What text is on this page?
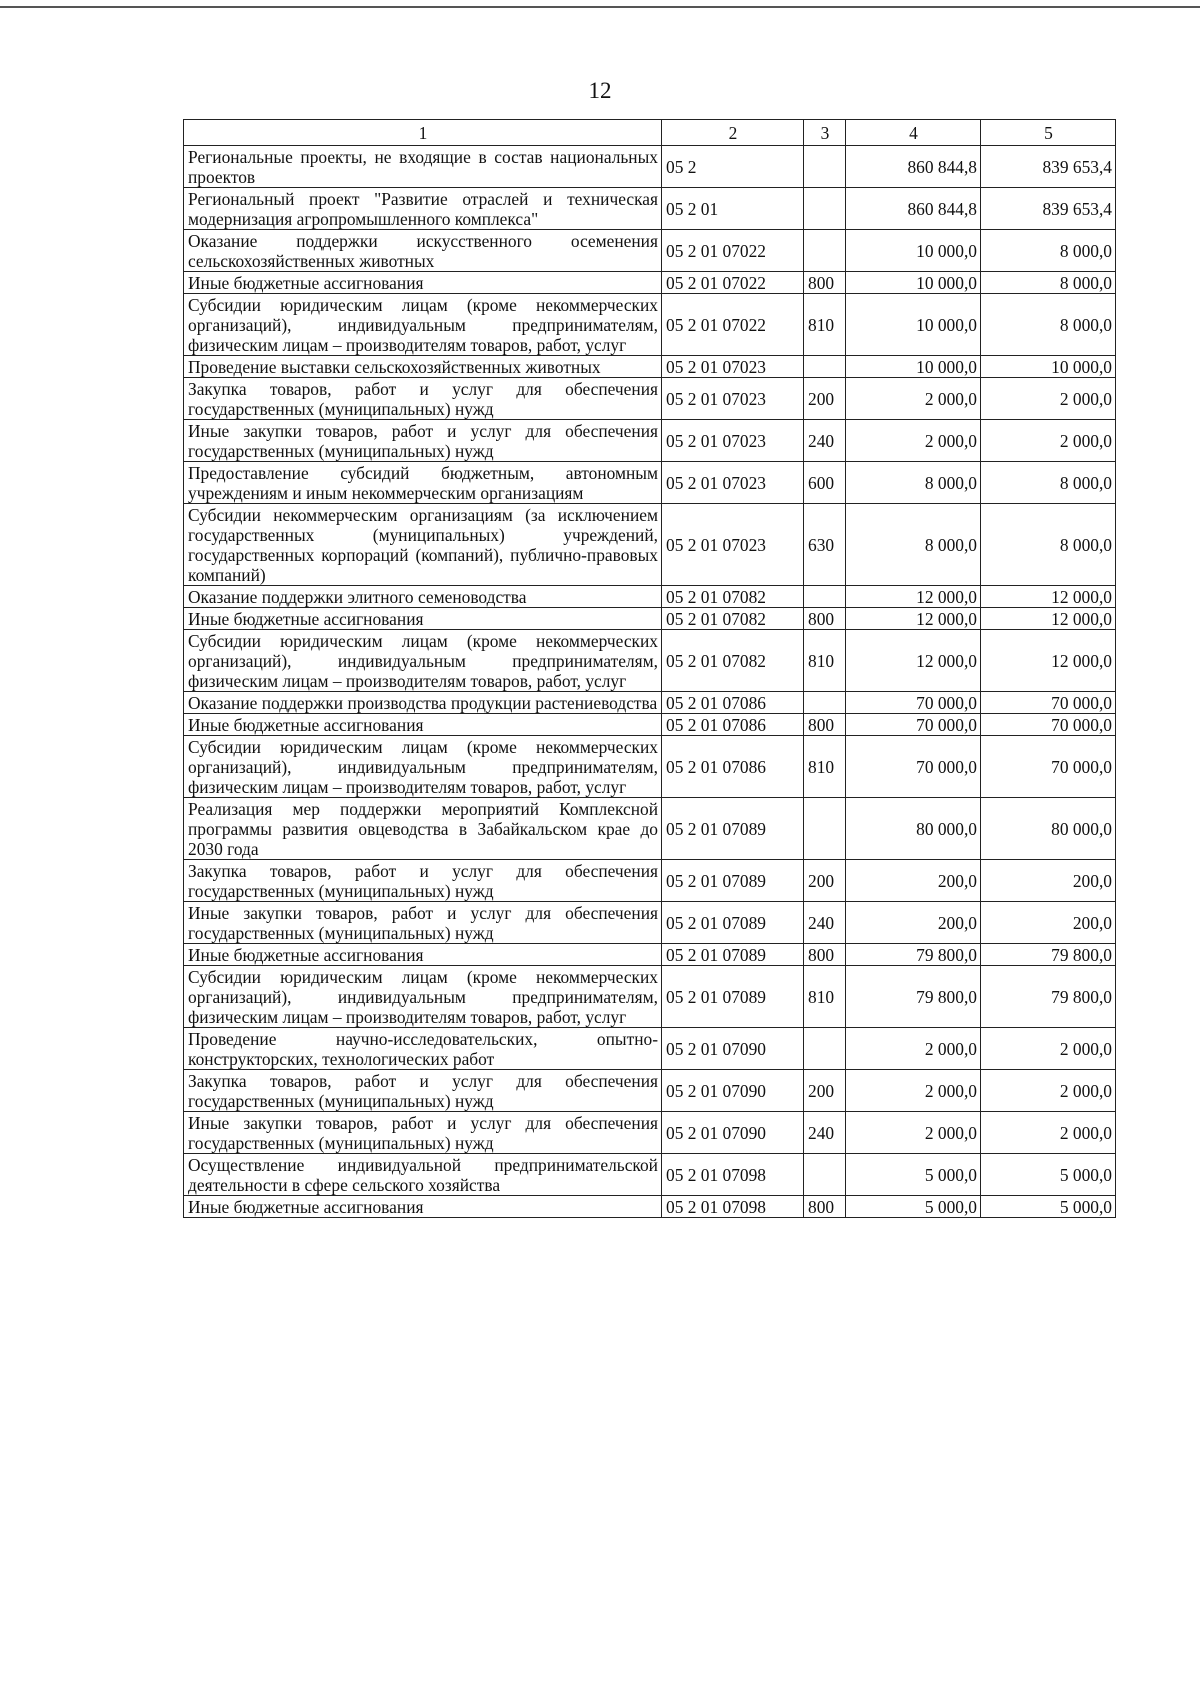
12
1	2	3	4	5
Региональные проекты, не входящие в состав национальных проектов	05 2		860 844,8	839 653,4
Региональный проект "Развитие отраслей и техническая модернизация агропромышленного комплекса"	05 2 01		860 844,8	839 653,4
Оказание поддержки искусственного осеменения сельскохозяйственных животных	05 2 01 07022		10 000,0	8 000,0
Иные бюджетные ассигнования	05 2 01 07022	800	10 000,0	8 000,0
Субсидии юридическим лицам (кроме некоммерческих организаций), индивидуальным предпринимателям, физическим лицам – производителям товаров, работ, услуг	05 2 01 07022	810	10 000,0	8 000,0
Проведение выставки сельскохозяйственных животных	05 2 01 07023		10 000,0	10 000,0
Закупка товаров, работ и услуг для обеспечения государственных (муниципальных) нужд	05 2 01 07023	200	2 000,0	2 000,0
Иные закупки товаров, работ и услуг для обеспечения государственных (муниципальных) нужд	05 2 01 07023	240	2 000,0	2 000,0
Предоставление субсидий бюджетным, автономным учреждениям и иным некоммерческим организациям	05 2 01 07023	600	8 000,0	8 000,0
Субсидии некоммерческим организациям (за исключением государственных (муниципальных) учреждений, государственных корпораций (компаний), публично-правовых компаний)	05 2 01 07023	630	8 000,0	8 000,0
Оказание поддержки элитного семеноводства	05 2 01 07082		12 000,0	12 000,0
Иные бюджетные ассигнования	05 2 01 07082	800	12 000,0	12 000,0
Субсидии юридическим лицам (кроме некоммерческих организаций), индивидуальным предпринимателям, физическим лицам – производителям товаров, работ, услуг	05 2 01 07082	810	12 000,0	12 000,0
Оказание поддержки производства продукции растениеводства	05 2 01 07086		70 000,0	70 000,0
Иные бюджетные ассигнования	05 2 01 07086	800	70 000,0	70 000,0
Субсидии юридическим лицам (кроме некоммерческих организаций), индивидуальным предпринимателям, физическим лицам – производителям товаров, работ, услуг	05 2 01 07086	810	70 000,0	70 000,0
Реализация мер поддержки мероприятий Комплексной программы развития овцеводства в Забайкальском крае до 2030 года	05 2 01 07089		80 000,0	80 000,0
Закупка товаров, работ и услуг для обеспечения государственных (муниципальных) нужд	05 2 01 07089	200	200,0	200,0
Иные закупки товаров, работ и услуг для обеспечения государственных (муниципальных) нужд	05 2 01 07089	240	200,0	200,0
Иные бюджетные ассигнования	05 2 01 07089	800	79 800,0	79 800,0
Субсидии юридическим лицам (кроме некоммерческих организаций), индивидуальным предпринимателям, физическим лицам – производителям товаров, работ, услуг	05 2 01 07089	810	79 800,0	79 800,0
Проведение научно-исследовательских, опытно-конструкторских, технологических работ	05 2 01 07090		2 000,0	2 000,0
Закупка товаров, работ и услуг для обеспечения государственных (муниципальных) нужд	05 2 01 07090	200	2 000,0	2 000,0
Иные закупки товаров, работ и услуг для обеспечения государственных (муниципальных) нужд	05 2 01 07090	240	2 000,0	2 000,0
Осуществление индивидуальной предпринимательской деятельности в сфере сельского хозяйства	05 2 01 07098		5 000,0	5 000,0
Иные бюджетные ассигнования	05 2 01 07098	800	5 000,0	5 000,0
